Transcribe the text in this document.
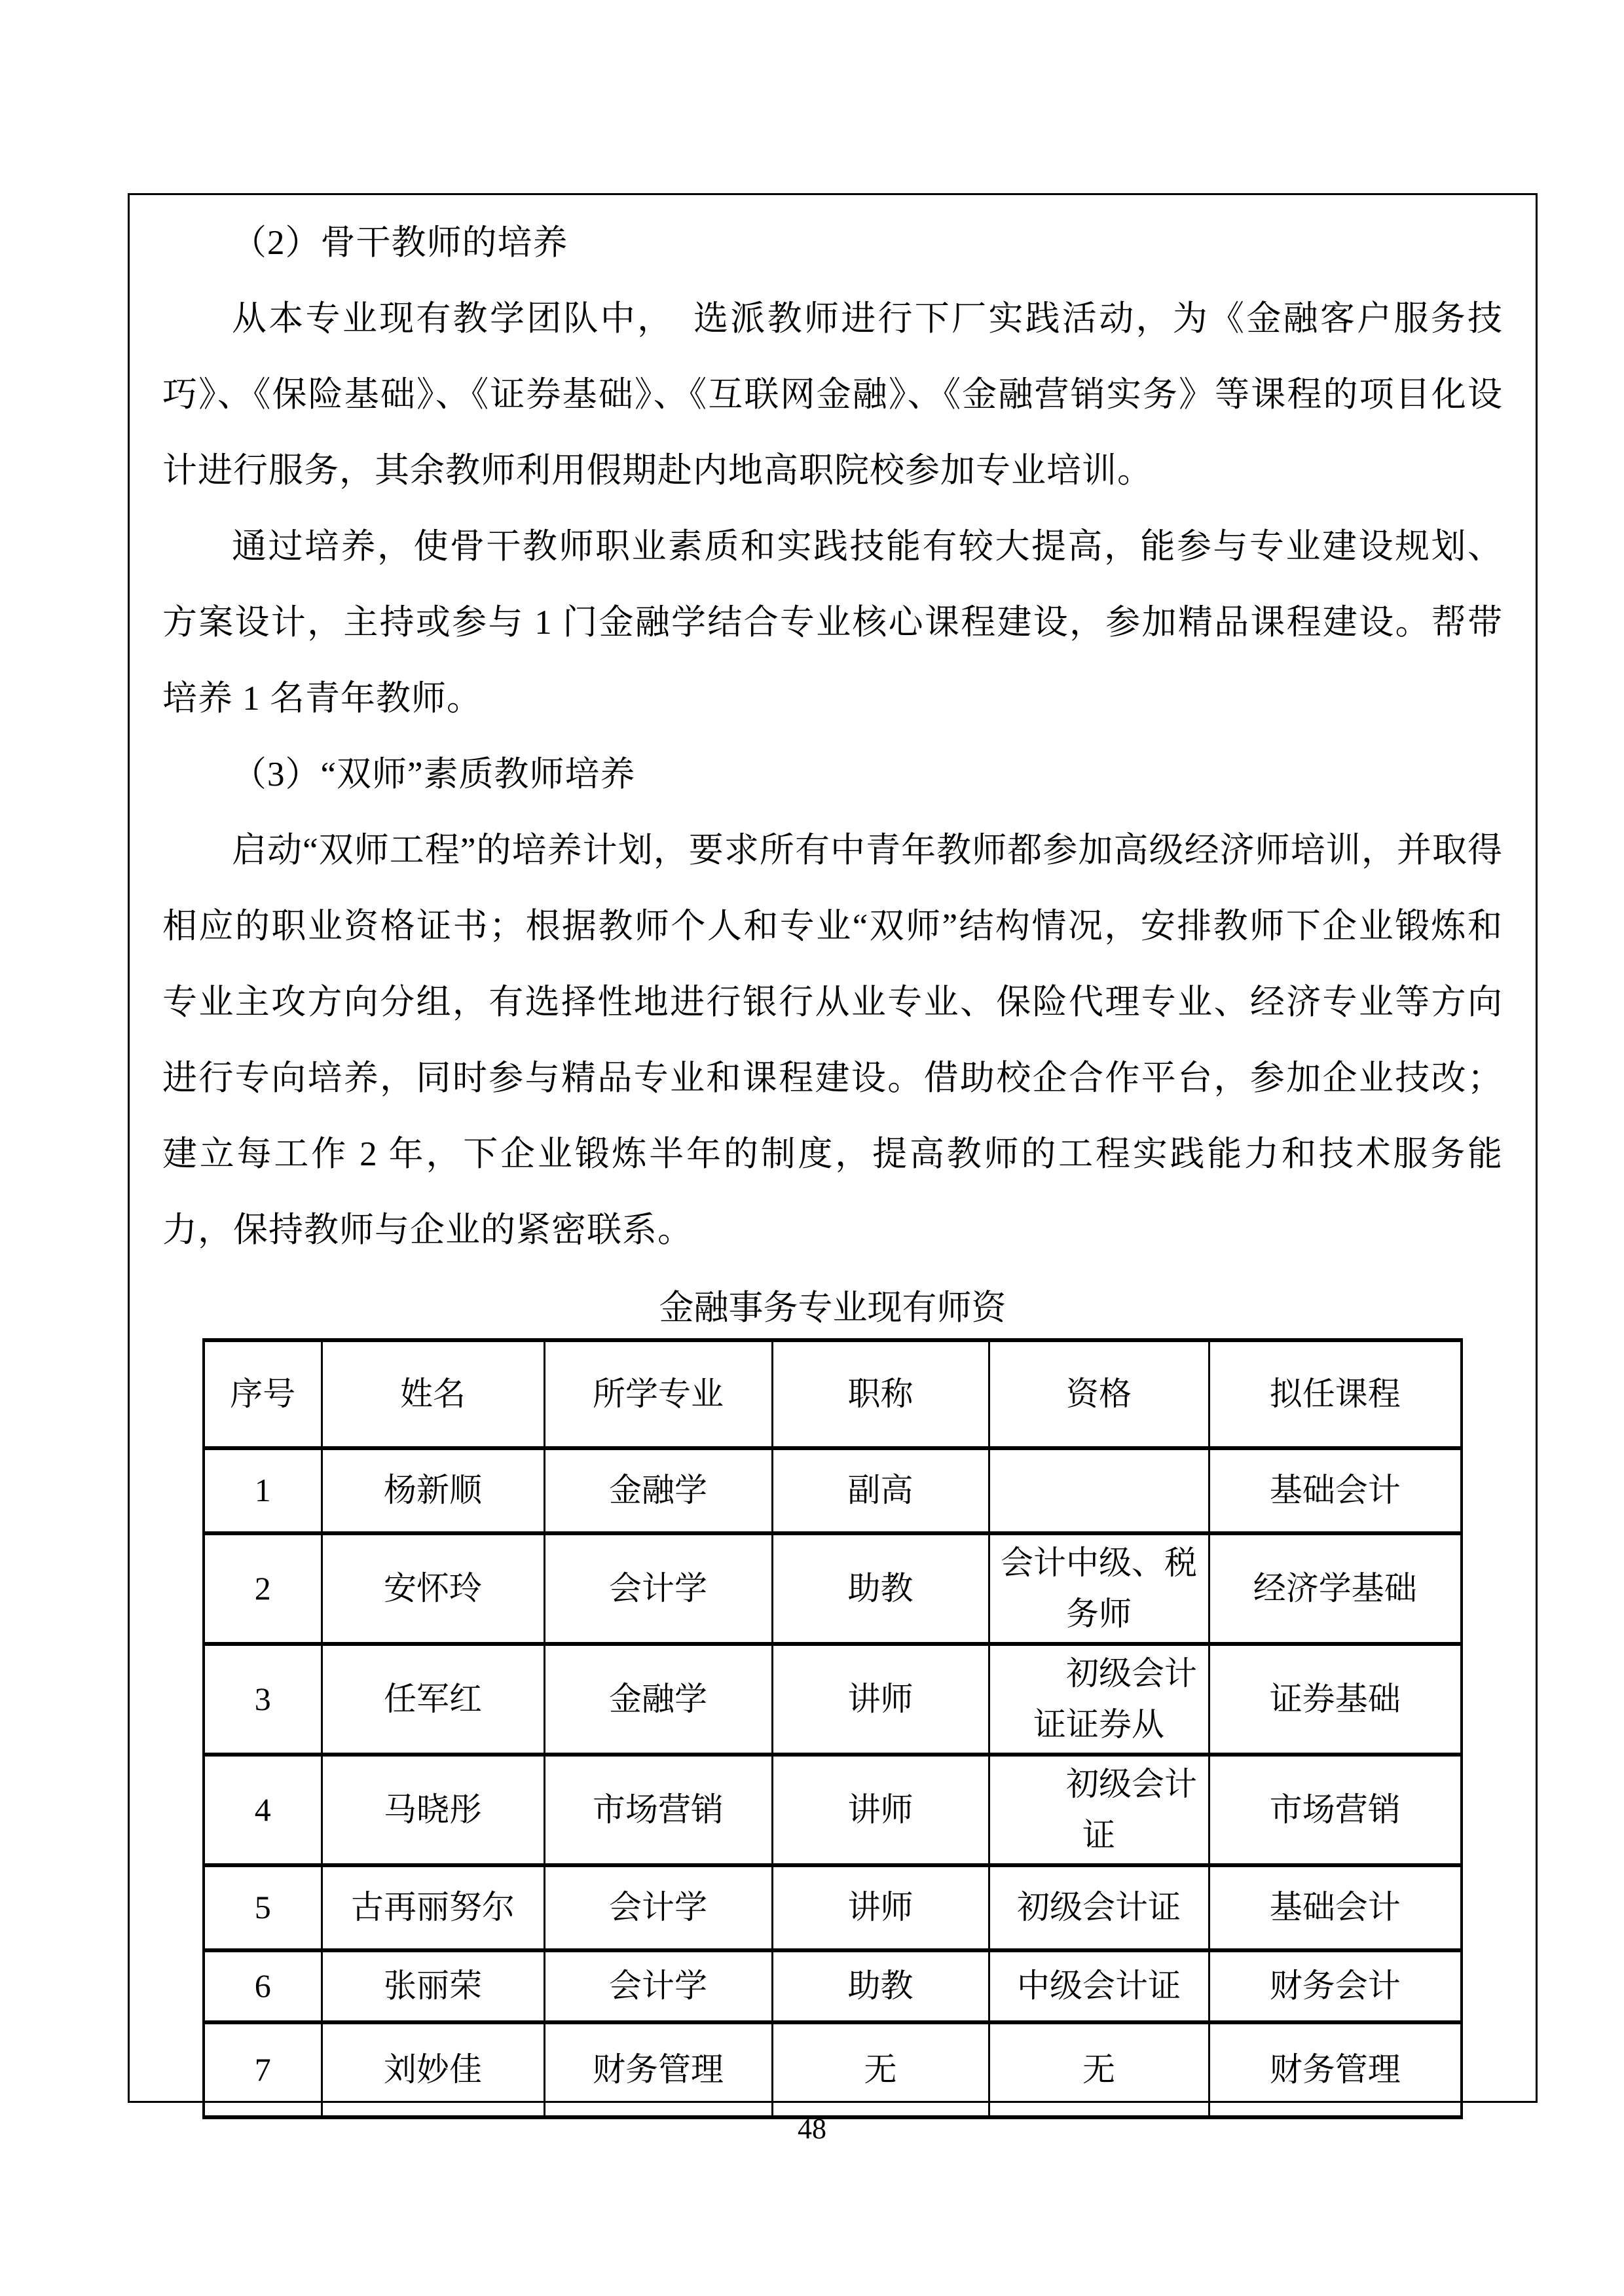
（2）骨干教师的培养

从本专业现有教学团队中，　选派教师进行下厂实践活动，为《金融客户服务技巧》、《保险基础》、《证券基础》、《互联网金融》、《金融营销实务》等课程的项目化设计进行服务，其余教师利用假期赴内地高职院校参加专业培训。

通过培养，使骨干教师职业素质和实践技能有较大提高，能参与专业建设规划、方案设计，主持或参与 1 门金融学结合专业核心课程建设，参加精品课程建设。帮带培养 1 名青年教师。

（3）“双师”素质教师培养

启动“双师工程”的培养计划，要求所有中青年教师都参加高级经济师培训，并取得相应的职业资格证书；根据教师个人和专业“双师”结构情况，安排教师下企业锻炼和专业主攻方向分组，有选择性地进行银行从业专业、保险代理专业、经济专业等方向进行专向培养，同时参与精品专业和课程建设。借助校企合作平台，参加企业技改；建立每工作 2 年，下企业锻炼半年的制度，提高教师的工程实践能力和技术服务能力，保持教师与企业的紧密联系。

金融事务专业现有师资
序号	姓名	所学专业	职称	资格	拟任课程
1	杨新顺	金融学	副高		基础会计
2	安怀玲	会计学	助教	会计中级、税务师	经济学基础
3	任军红	金融学	讲师	初级会计证证券从	证券基础
4	马晓彤	市场营销	讲师	初级会计证	市场营销
5	古再丽努尔	会计学	讲师	初级会计证	基础会计
6	张丽荣	会计学	助教	中级会计证	财务会计
7	刘妙佳	财务管理	无	无	财务管理
48
